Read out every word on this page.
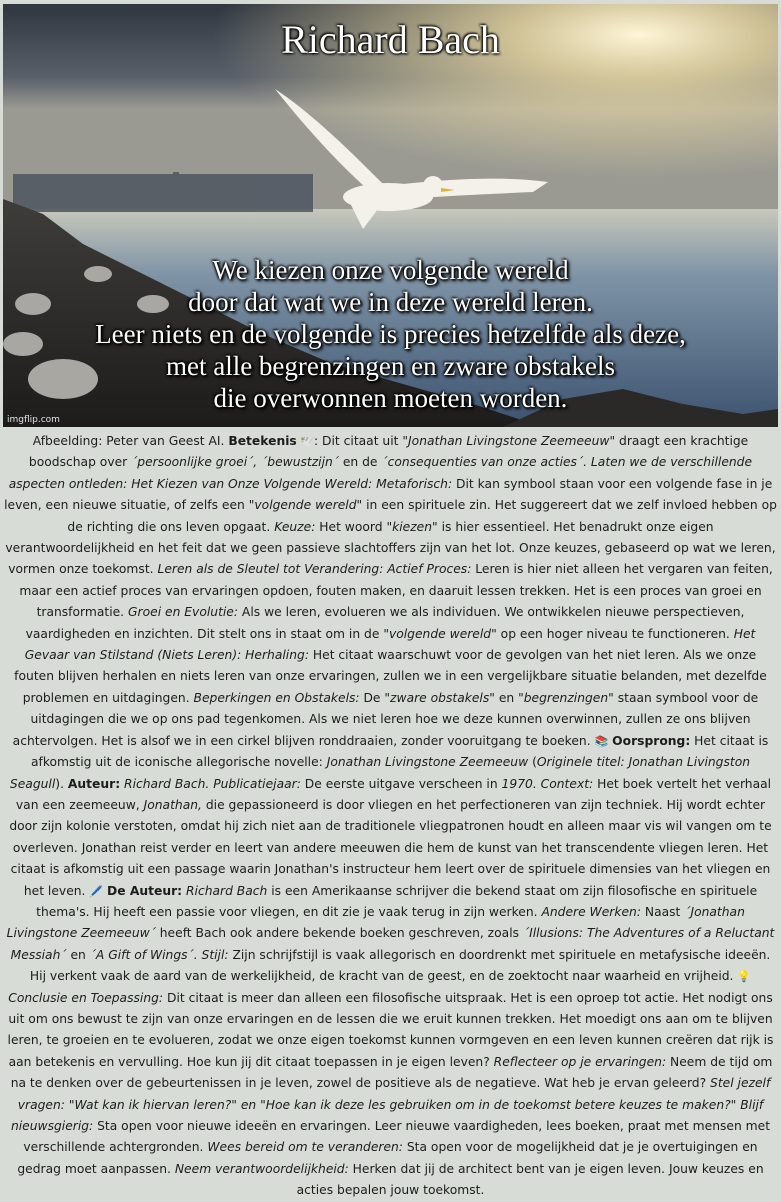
Richard Bach
We kiezen onze volgende wereld
door dat wat we in deze wereld leren.
Leer niets en de volgende is precies hetzelfde als deze,
met alle begrenzingen en zware obstakels
die overwonnen moeten worden.
imgflip.com
Afbeelding: Peter van Geest AI. Betekenis 🕊️: Dit citaat uit "Jonathan Livingstone Zeemeeuw" draagt een krachtige boodschap over ´persoonlijke groei´, ´bewustzijn´ en de ´consequenties van onze acties´. Laten we de verschillende aspecten ontleden: Het Kiezen van Onze Volgende Wereld: Metaforisch: Dit kan symbool staan voor een volgende fase in je leven, een nieuwe situatie, of zelfs een "volgende wereld" in een spirituele zin. Het suggereert dat we zelf invloed hebben op de richting die ons leven opgaat. Keuze: Het woord "kiezen" is hier essentieel. Het benadrukt onze eigen verantwoordelijkheid en het feit dat we geen passieve slachtoffers zijn van het lot. Onze keuzes, gebaseerd op wat we leren, vormen onze toekomst. Leren als de Sleutel tot Verandering: Actief Proces: Leren is hier niet alleen het vergaren van feiten, maar een actief proces van ervaringen opdoen, fouten maken, en daaruit lessen trekken. Het is een proces van groei en transformatie. Groei en Evolutie: Als we leren, evolueren we als individuen. We ontwikkelen nieuwe perspectieven, vaardigheden en inzichten. Dit stelt ons in staat om in de "volgende wereld" op een hoger niveau te functioneren. Het Gevaar van Stilstand (Niets Leren): Herhaling: Het citaat waarschuwt voor de gevolgen van het niet leren. Als we onze fouten blijven herhalen en niets leren van onze ervaringen, zullen we in een vergelijkbare situatie belanden, met dezelfde problemen en uitdagingen. Beperkingen en Obstakels: De "zware obstakels" en "begrenzingen" staan symbool voor de uitdagingen die we op ons pad tegenkomen. Als we niet leren hoe we deze kunnen overwinnen, zullen ze ons blijven achtervolgen. Het is alsof we in een cirkel blijven ronddraaien, zonder vooruitgang te boeken. 📚 Oorsprong: Het citaat is afkomstig uit de iconische allegorische novelle: Jonathan Livingstone Zeemeeuw (Originele titel: Jonathan Livingston Seagull). Auteur: Richard Bach. Publicatiejaar: De eerste uitgave verscheen in 1970. Context: Het boek vertelt het verhaal van een zeemeeuw, Jonathan, die gepassioneerd is door vliegen en het perfectioneren van zijn techniek. Hij wordt echter door zijn kolonie verstoten, omdat hij zich niet aan de traditionele vliegpatronen houdt en alleen maar vis wil vangen om te overleven. Jonathan reist verder en leert van andere meeuwen die hem de kunst van het transcendente vliegen leren. Het citaat is afkomstig uit een passage waarin Jonathan's instructeur hem leert over de spirituele dimensies van het vliegen en het leven. 🖊️ De Auteur: Richard Bach is een Amerikaanse schrijver die bekend staat om zijn filosofische en spirituele thema's. Hij heeft een passie voor vliegen, en dit zie je vaak terug in zijn werken. Andere Werken: Naast ´Jonathan Livingstone Zeemeeuw´ heeft Bach ook andere bekende boeken geschreven, zoals ´Illusions: The Adventures of a Reluctant Messiah´ en ´A Gift of Wings´. Stijl: Zijn schrijfstijl is vaak allegorisch en doordrenkt met spirituele en metafysische ideeën. Hij verkent vaak de aard van de werkelijkheid, de kracht van de geest, en de zoektocht naar waarheid en vrijheid. 💡 Conclusie en Toepassing: Dit citaat is meer dan alleen een filosofische uitspraak. Het is een oproep tot actie. Het nodigt ons uit om ons bewust te zijn van onze ervaringen en de lessen die we eruit kunnen trekken. Het moedigt ons aan om te blijven leren, te groeien en te evolueren, zodat we onze eigen toekomst kunnen vormgeven en een leven kunnen creëren dat rijk is aan betekenis en vervulling. Hoe kun jij dit citaat toepassen in je eigen leven? Reflecteer op je ervaringen: Neem de tijd om na te denken over de gebeurtenissen in je leven, zowel de positieve als de negatieve. Wat heb je ervan geleerd? Stel jezelf vragen: "Wat kan ik hiervan leren?" en "Hoe kan ik deze les gebruiken om in de toekomst betere keuzes te maken?" Blijf nieuwsgierig: Sta open voor nieuwe ideeën en ervaringen. Leer nieuwe vaardigheden, lees boeken, praat met mensen met verschillende achtergronden. Wees bereid om te veranderen: Sta open voor de mogelijkheid dat je je overtuigingen en gedrag moet aanpassen. Neem verantwoordelijkheid: Herken dat jij de architect bent van je eigen leven. Jouw keuzes en acties bepalen jouw toekomst.
